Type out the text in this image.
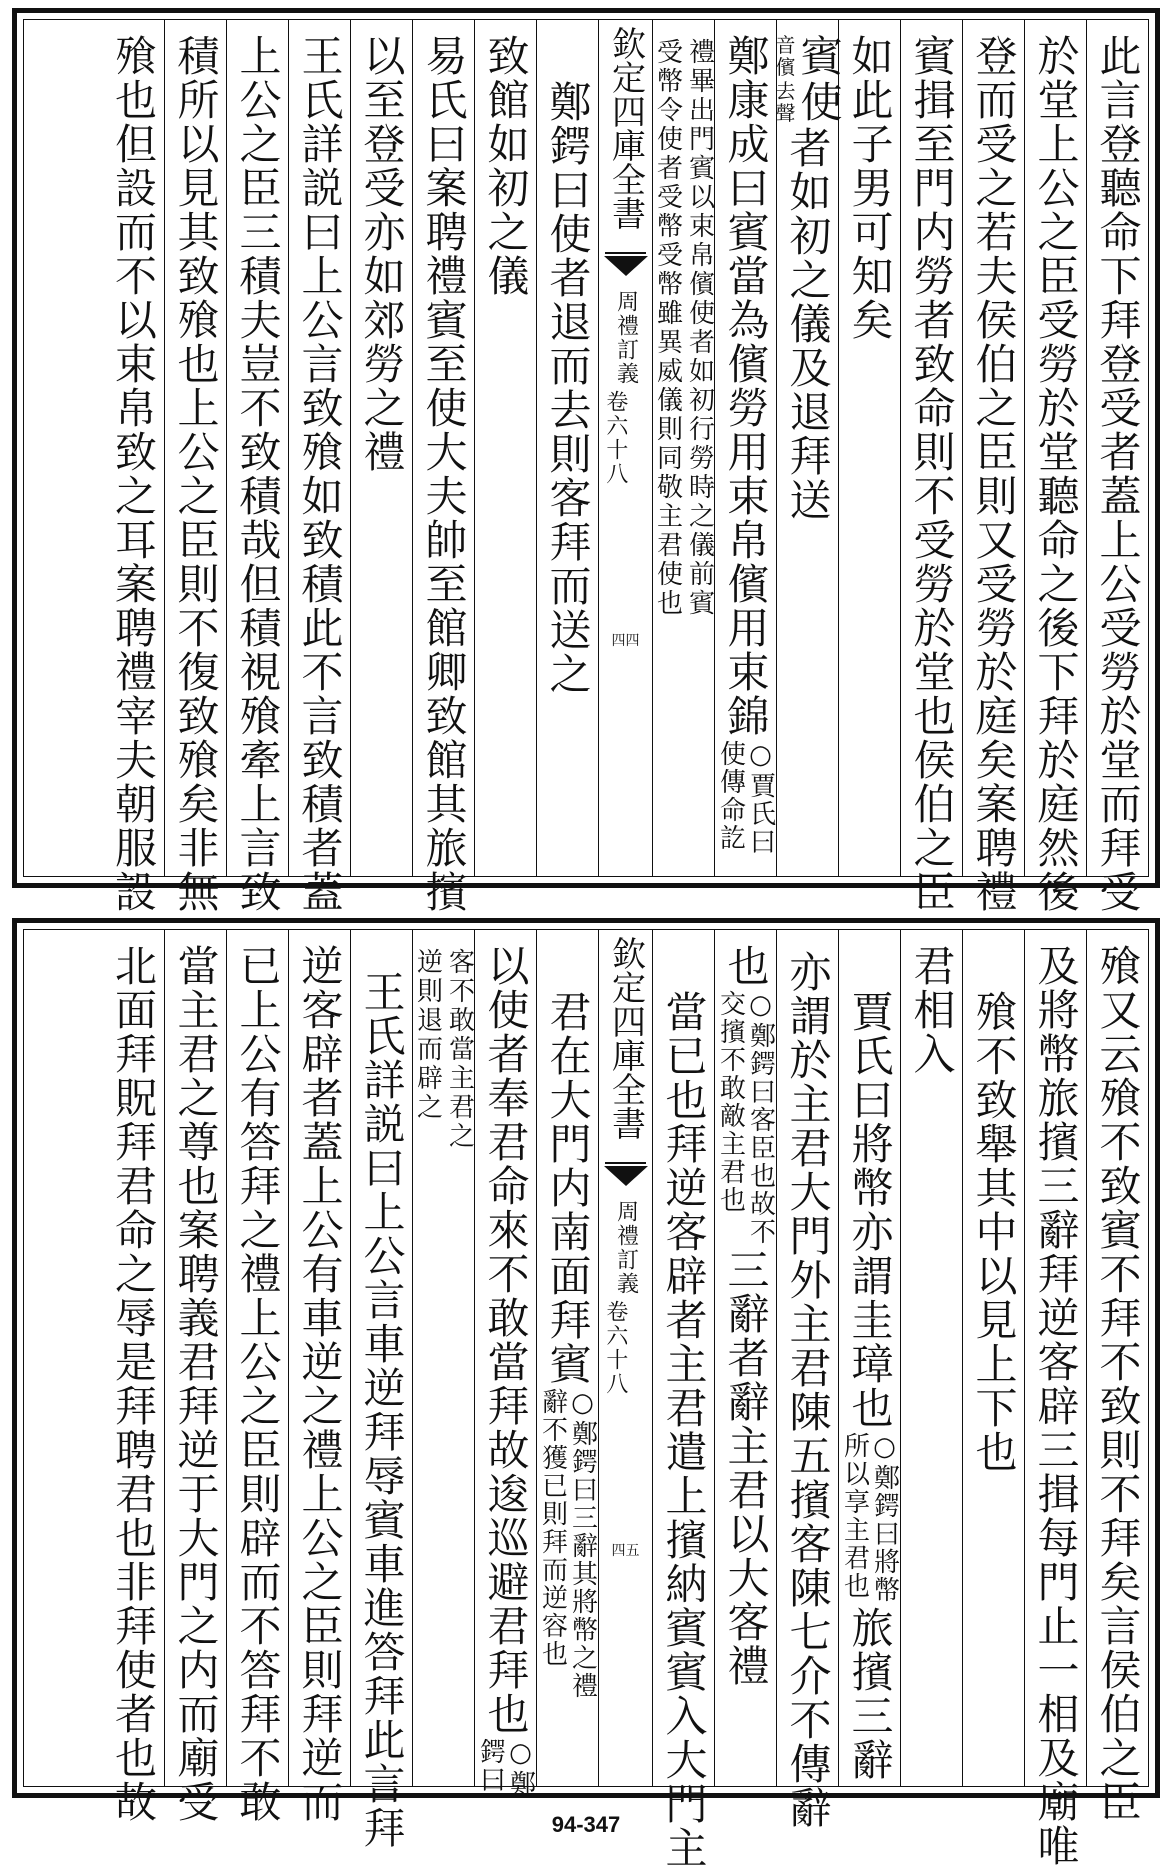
此言登聽命下拜登受者蓋上公受勞於堂而拜受
於堂上公之臣受勞於堂聽命之後下拜於庭然後
登而受之若夫侯伯之臣則又受勞於庭矣案聘禮
賓揖至門内勞者致命則不受勞於堂也侯伯之臣
如此子男可知矣
賓
音
儐
使
去
聲
者如初之儀及退拜送
鄭康成曰賓當為儐勞用束帛儐用束錦
○賈氏曰
使傳命訖
禮畢出門賓以束帛儐使者如初行勞時之儀前賓
受幣令使者受幣受幣雖異威儀則同敬主君使也
欽定四庫全書
周禮訂義
卷六十八
四四
鄭鍔曰使者退而去則客拜而送之
致館如初之儀
易氏曰案聘禮賓至使大夫帥至館卿致館其旅擯
以至登受亦如郊勞之禮
王氏詳説曰上公言致飱如致積此不言致積者蓋
上公之臣三積夫豈不致積哉但積視飱牽上言致
積所以見其致飱也上公之臣則不復致飱矣非無
飱也但設而不以束帛致之耳案聘禮宰夫朝服設
飱又云飱不致賓不拜不致則不拜矣言侯伯之臣
及將幣旅擯三辭拜逆客辟三揖每門止一相及廟唯
飱不致舉其中以見上下也
君相入
賈氏曰將幣亦謂圭璋也
○鄭鍔曰將幣
所以享主君也
旅擯三辭
亦謂於主君大門外主君陳五擯客陳七介不傳辭
也
○鄭鍔曰客臣也故不
交擯不敢敵主君也
三辭者辭主君以大客禮
當已也拜逆客辟者主君遣上擯納賓賓入大門主
欽定四庫全書
周禮訂義
卷六十八
四五
君在大門内南面拜賓
○鄭鍔曰三辭其將幣之禮
辭不獲已則拜而逆容也
以使者奉君命來不敢當拜故逡巡避君拜也
○鄭
鍔曰
客不敢當主君之
逆則退而辟之
王氏詳説曰上公言車逆拜辱賓車進答拜此言拜
逆客辟者蓋上公有車逆之禮上公之臣則拜逆而
已上公有答拜之禮上公之臣則辟而不答拜不敢
當主君之尊也案聘義君拜逆于大門之内而廟受
北面拜貺拜君命之辱是拜聘君也非拜使者也故
94-347
